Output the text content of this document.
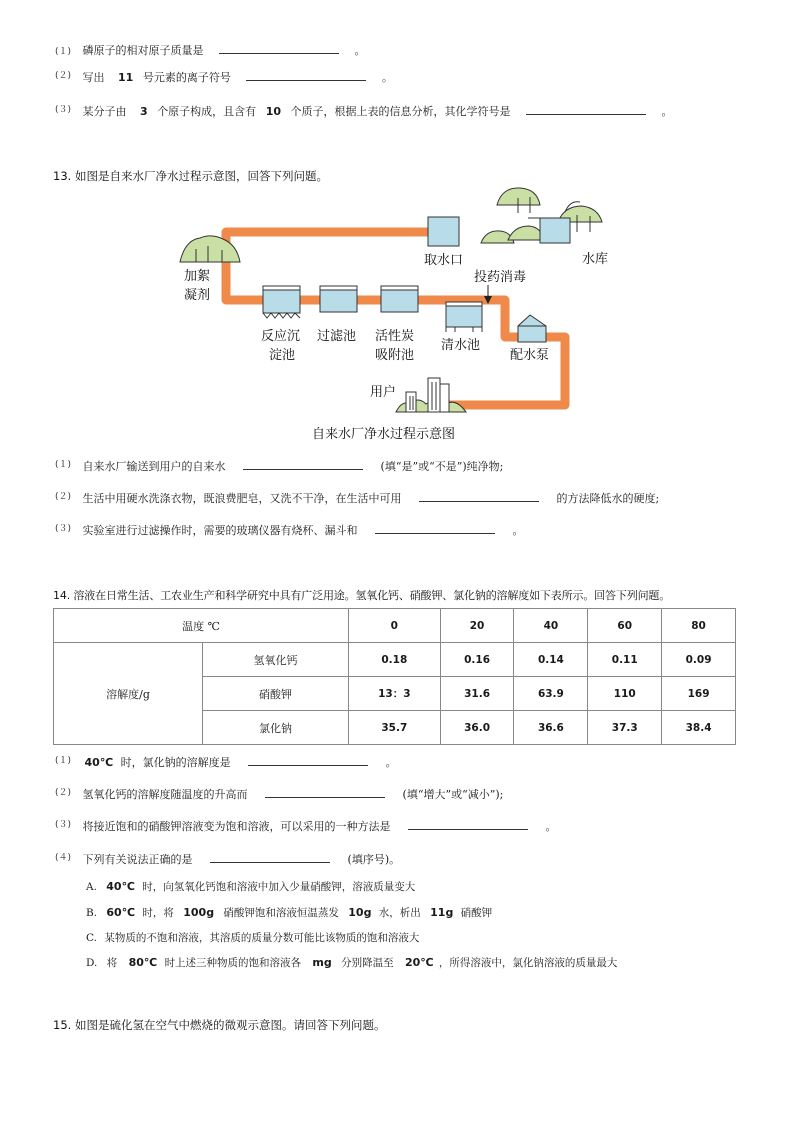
(１) 磷原子的相对原子质量是	。
$^{(2)}$ 写出 11 号元素的离子符号	。
$^{(3)}$ 某分子由 3 个原子构成，且含有 10 个质子，根据上表的信息分析，其化学符号是	。
13. 如图是自来水厂净水过程示意图，回答下列问题。
取水口	水库
加絮
凝剂
投药消毒
反应沉
淀池
过滤池 活性炭
吸附池
清水池
配水泵
用户
自来水厂净水过程示意图
$^{(1)}$ 自来水厂输送到用户的自来水	(填“是”或“不是”)纯净物;
$^{(2)}$ 生活中用硬水洗涤衣物，既浪费肥皂，又洗不干净，在生活中可用	的方法降低水的硬度;
$^{(3)}$ 实验室进行过滤操作时，需要的玻璃仪器有烧杯、漏斗和	。
14. 溶液在日常生活、工农业生产和科学研究中具有广泛用途。氢氧化钙、硝酸钾、氯化钠的溶解度如下表所示。回答下列问题。
温度 ℃		0	20	40	60	80
溶解度/g	氢氧化钙	0.18	0.16	0.14	0.11	0.09
	硝酸钾	13：3	31.6	63.9	110	169
	氯化钠	35.7	36.0	36.6	37.3	38.4
$^{(1)}$ 40℃ 时，氯化钠的溶解度是	。
$^{(2)}$ 氢氧化钙的溶解度随温度的升高而	(填“增大”或“减小”);
$^{(3)}$ 将接近饱和的硝酸钾溶液变为饱和溶液，可以采用的一种方法是	。
$^{(4)}$ 下列有关说法正确的是	(填序号)。
A. 40℃ 时，向氢氧化钙饱和溶液中加入少量硝酸钾，溶液质量变大
B. 60℃ 时，将 100g 硝酸钾饱和溶液恒温蒸发 10g 水，析出 11g 硝酸钾
C. 某物质的不饱和溶液，其溶质的质量分数可能比该物质的饱和溶液大
D. 将 80℃ 时上述三种物质的饱和溶液各 mg 分别降温至 20℃ ，所得溶液中，氯化钠溶液的质量最大
15. 如图是硫化氢在空气中燃烧的微观示意图。请回答下列问题。
